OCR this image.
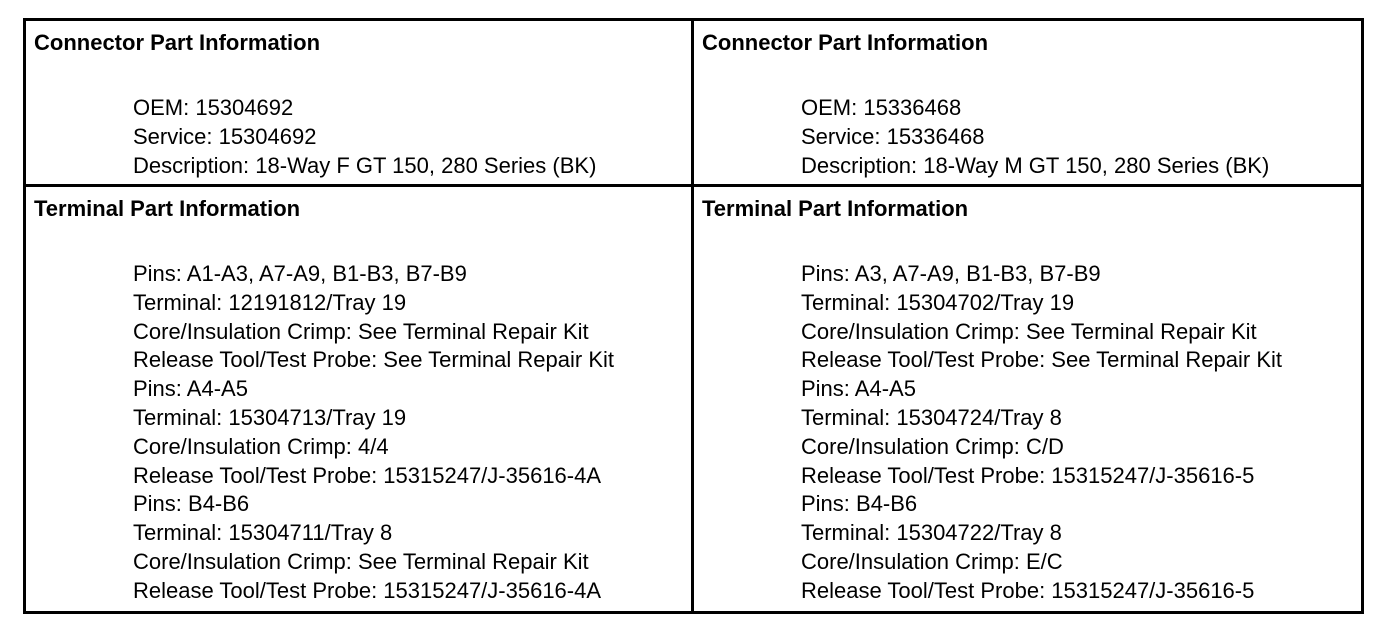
Connector Part Information
OEM: 15304692
Service: 15304692
Description: 18-Way F GT 150, 280 Series (BK)
Connector Part Information
OEM: 15336468
Service: 15336468
Description: 18-Way M GT 150, 280 Series (BK)
Terminal Part Information
Pins: A1-A3, A7-A9, B1-B3, B7-B9
Terminal: 12191812/Tray 19
Core/Insulation Crimp: See Terminal Repair Kit
Release Tool/Test Probe: See Terminal Repair Kit
Pins: A4-A5
Terminal: 15304713/Tray 19
Core/Insulation Crimp: 4/4
Release Tool/Test Probe: 15315247/J-35616-4A
Pins: B4-B6
Terminal: 15304711/Tray 8
Core/Insulation Crimp: See Terminal Repair Kit
Release Tool/Test Probe: 15315247/J-35616-4A
Terminal Part Information
Pins: A3, A7-A9, B1-B3, B7-B9
Terminal: 15304702/Tray 19
Core/Insulation Crimp: See Terminal Repair Kit
Release Tool/Test Probe: See Terminal Repair Kit
Pins: A4-A5
Terminal: 15304724/Tray 8
Core/Insulation Crimp: C/D
Release Tool/Test Probe: 15315247/J-35616-5
Pins: B4-B6
Terminal: 15304722/Tray 8
Core/Insulation Crimp: E/C
Release Tool/Test Probe: 15315247/J-35616-5
